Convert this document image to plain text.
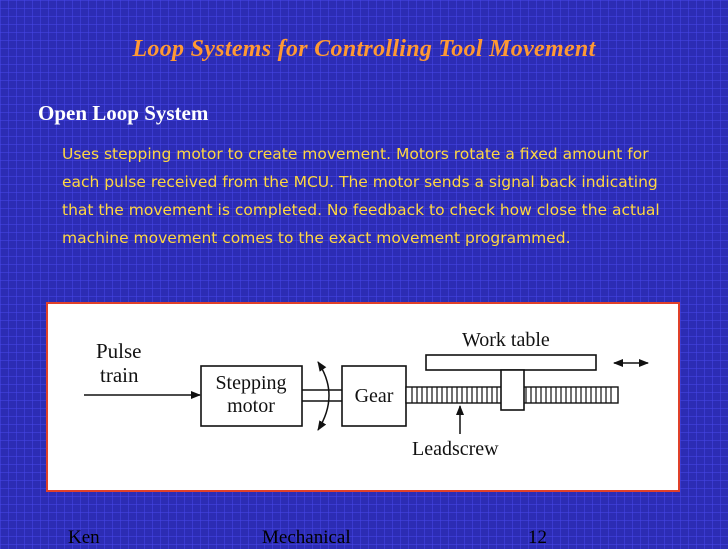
Loop Systems for Controlling Tool Movement
Open Loop System

Uses stepping motor to create movement. Motors rotate a fixed amount for each pulse received from the MCU. The motor sends a signal back indicating that the movement is completed. No feedback to check how close the actual machine movement comes to the exact movement programmed.

Pulse
train	Stepping
motor	Gear
Work table
Leadscrew

Ken	Mechanical	12
